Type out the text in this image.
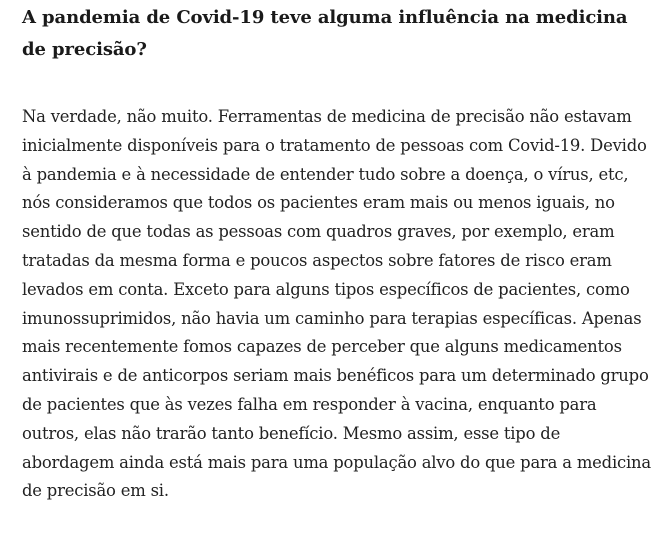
A pandemia de Covid-19 teve alguma influência na medicina de precisão?

Na verdade, não muito. Ferramentas de medicina de precisão não estavam inicialmente disponíveis para o tratamento de pessoas com Covid-19. Devido à pandemia e à necessidade de entender tudo sobre a doença, o vírus, etc, nós consideramos que todos os pacientes eram mais ou menos iguais, no sentido de que todas as pessoas com quadros graves, por exemplo, eram tratadas da mesma forma e poucos aspectos sobre fatores de risco eram levados em conta. Exceto para alguns tipos específicos de pacientes, como imunossuprimidos, não havia um caminho para terapias específicas. Apenas mais recentemente fomos capazes de perceber que alguns medicamentos antivirais e de anticorpos seriam mais benéficos para um determinado grupo de pacientes que às vezes falha em responder à vacina, enquanto para outros, elas não trarão tanto benefício. Mesmo assim, esse tipo de abordagem ainda está mais para uma população alvo do que para a medicina de precisão em si.
